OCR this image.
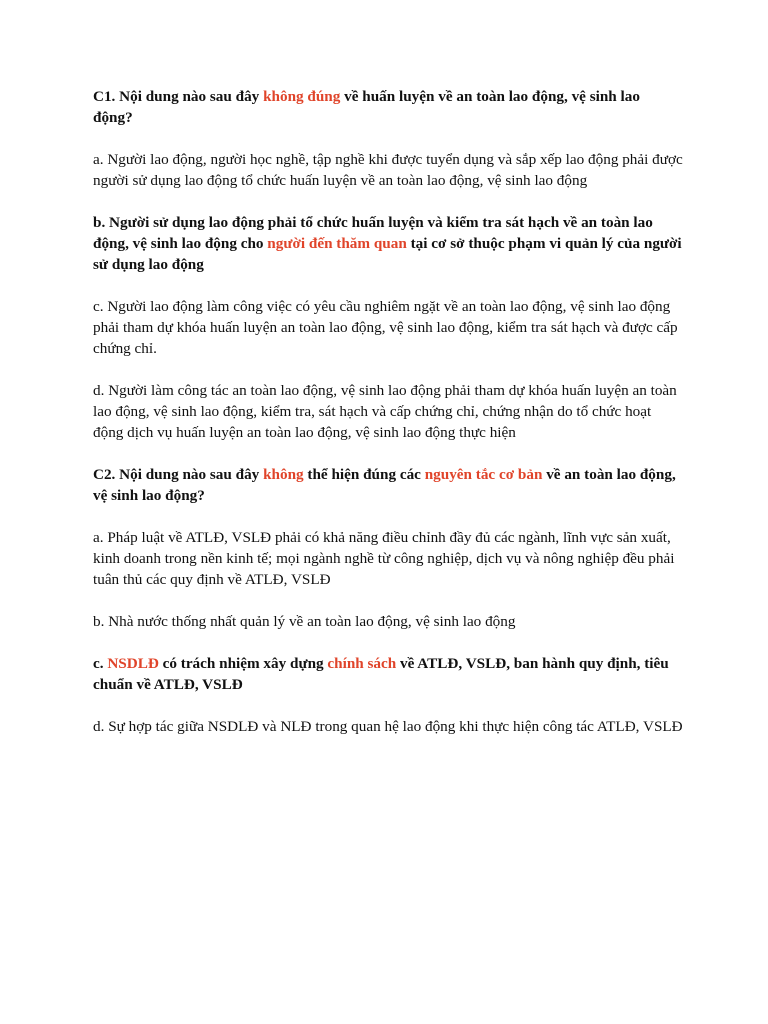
C1. Nội dung nào sau đây không đúng về huấn luyện về an toàn lao động, vệ sinh lao động?

a. Người lao động, người học nghề, tập nghề khi được tuyển dụng và sắp xếp lao động phải được người sử dụng lao động tổ chức huấn luyện về an toàn lao động, vệ sinh lao động

b. Người sử dụng lao động phải tổ chức huấn luyện và kiểm tra sát hạch về an toàn lao động, vệ sinh lao động cho người đến thăm quan tại cơ sở thuộc phạm vi quản lý của người sử dụng lao động

c. Người lao động làm công việc có yêu cầu nghiêm ngặt về an toàn lao động, vệ sinh lao động phải tham dự khóa huấn luyện an toàn lao động, vệ sinh lao động, kiểm tra sát hạch và được cấp chứng chỉ.

d. Người làm công tác an toàn lao động, vệ sinh lao động phải tham dự khóa huấn luyện an toàn lao động, vệ sinh lao động, kiểm tra, sát hạch và cấp chứng chỉ, chứng nhận do tổ chức hoạt động dịch vụ huấn luyện an toàn lao động, vệ sinh lao động thực hiện

C2. Nội dung nào sau đây không thể hiện đúng các nguyên tắc cơ bản về an toàn lao động, vệ sinh lao động?

a. Pháp luật về ATLĐ, VSLĐ phải có khả năng điều chỉnh đầy đủ các ngành, lĩnh vực sản xuất, kinh doanh trong nền kinh tế; mọi ngành nghề từ công nghiệp, dịch vụ và nông nghiệp đều phải tuân thủ các quy định về ATLĐ, VSLĐ

b. Nhà nước thống nhất quản lý về an toàn lao động, vệ sinh lao động

c. NSDLĐ có trách nhiệm xây dựng chính sách về ATLĐ, VSLĐ, ban hành quy định, tiêu chuẩn về ATLĐ, VSLĐ

d. Sự hợp tác giữa NSDLĐ và NLĐ trong quan hệ lao động khi thực hiện công tác ATLĐ, VSLĐ
